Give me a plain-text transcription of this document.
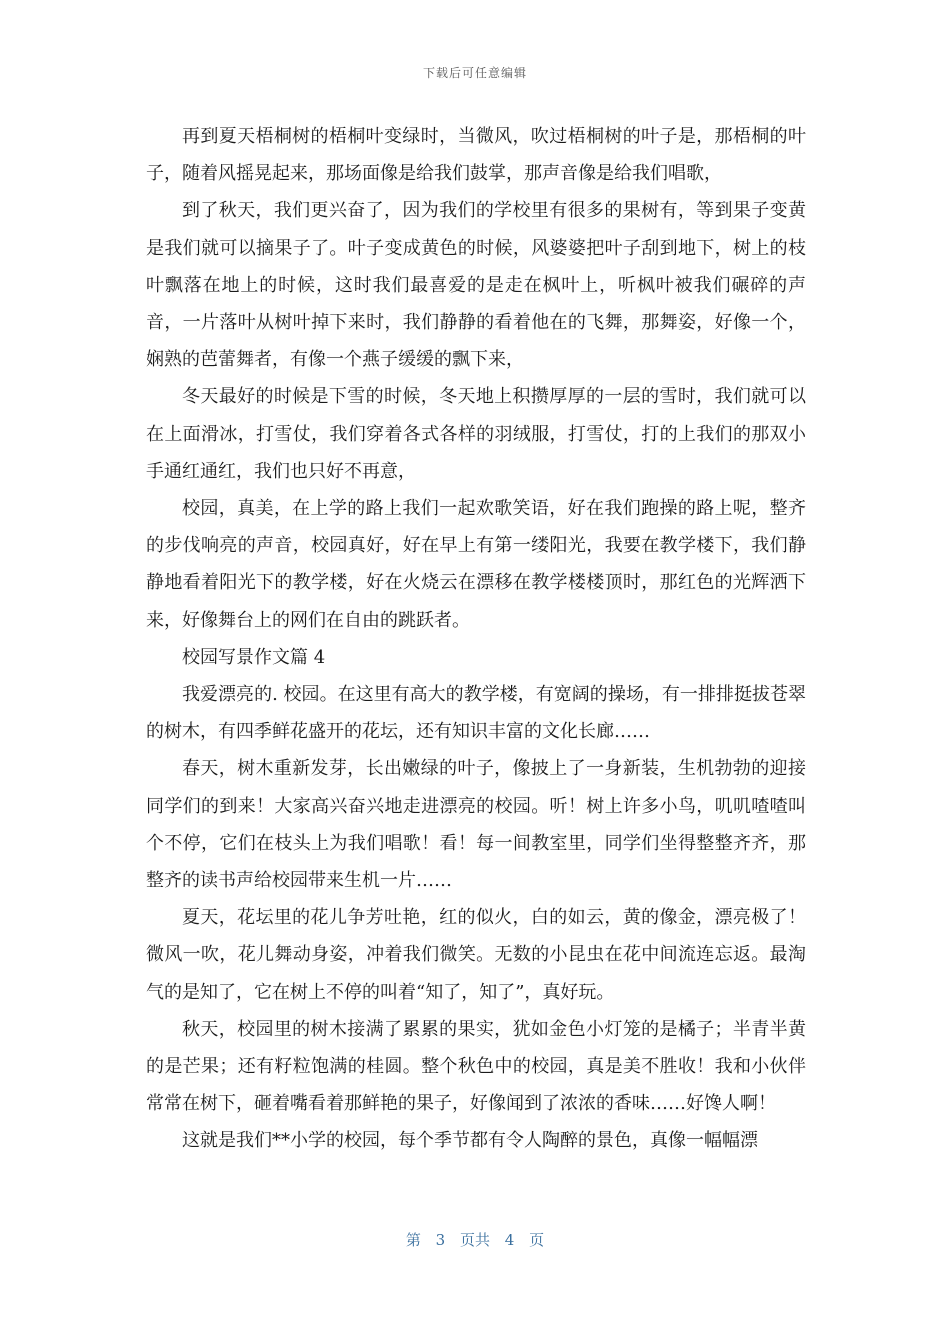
下载后可任意编辑

再到夏天梧桐树的梧桐叶变绿时，当微风，吹过梧桐树的叶子是，那梧桐的叶子，随着风摇晃起来，那场面像是给我们鼓掌，那声音像是给我们唱歌，

到了秋天，我们更兴奋了，因为我们的学校里有很多的果树有，等到果子变黄是我们就可以摘果子了。叶子变成黄色的时候，风婆婆把叶子刮到地下，树上的枝叶飘落在地上的时候，这时我们最喜爱的是走在枫叶上，听枫叶被我们碾碎的声音，一片落叶从树叶掉下来时，我们静静的看着他在的飞舞，那舞姿，好像一个，娴熟的芭蕾舞者，有像一个燕子缓缓的飘下来，

冬天最好的时候是下雪的时候，冬天地上积攒厚厚的一层的雪时，我们就可以在上面滑冰，打雪仗，我们穿着各式各样的羽绒服，打雪仗，打的上我们的那双小手通红通红，我们也只好不再意，

校园，真美，在上学的路上我们一起欢歌笑语，好在我们跑操的路上呢，整齐的步伐响亮的声音，校园真好，好在早上有第一缕阳光，我要在教学楼下，我们静静地看着阳光下的教学楼，好在火烧云在漂移在教学楼楼顶时，那红色的光辉洒下来，好像舞台上的网们在自由的跳跃者。

校园写景作文篇 4

我爱漂亮的. 校园。在这里有高大的教学楼，有宽阔的操场，有一排排挺拔苍翠的树木，有四季鲜花盛开的花坛，还有知识丰富的文化长廊……

春天，树木重新发芽，长出嫩绿的叶子，像披上了一身新装，生机勃勃的迎接同学们的到来！大家高兴奋兴地走进漂亮的校园。听！树上许多小鸟，叽叽喳喳叫个不停，它们在枝头上为我们唱歌！看！每一间教室里，同学们坐得整整齐齐，那整齐的读书声给校园带来生机一片……

夏天，花坛里的花儿争芳吐艳，红的似火，白的如云，黄的像金，漂亮极了！微风一吹，花儿舞动身姿，冲着我们微笑。无数的小昆虫在花中间流连忘返。最淘气的是知了，它在树上不停的叫着“知了，知了”，真好玩。

秋天，校园里的树木接满了累累的果实，犹如金色小灯笼的是橘子；半青半黄的是芒果；还有籽粒饱满的桂圆。整个秋色中的校园，真是美不胜收！我和小伙伴常常在树下，砸着嘴看着那鲜艳的果子，好像闻到了浓浓的香味……好馋人啊！

这就是我们**小学的校园，每个季节都有令人陶醉的景色，真像一幅幅漂

第 3 页共 4 页
